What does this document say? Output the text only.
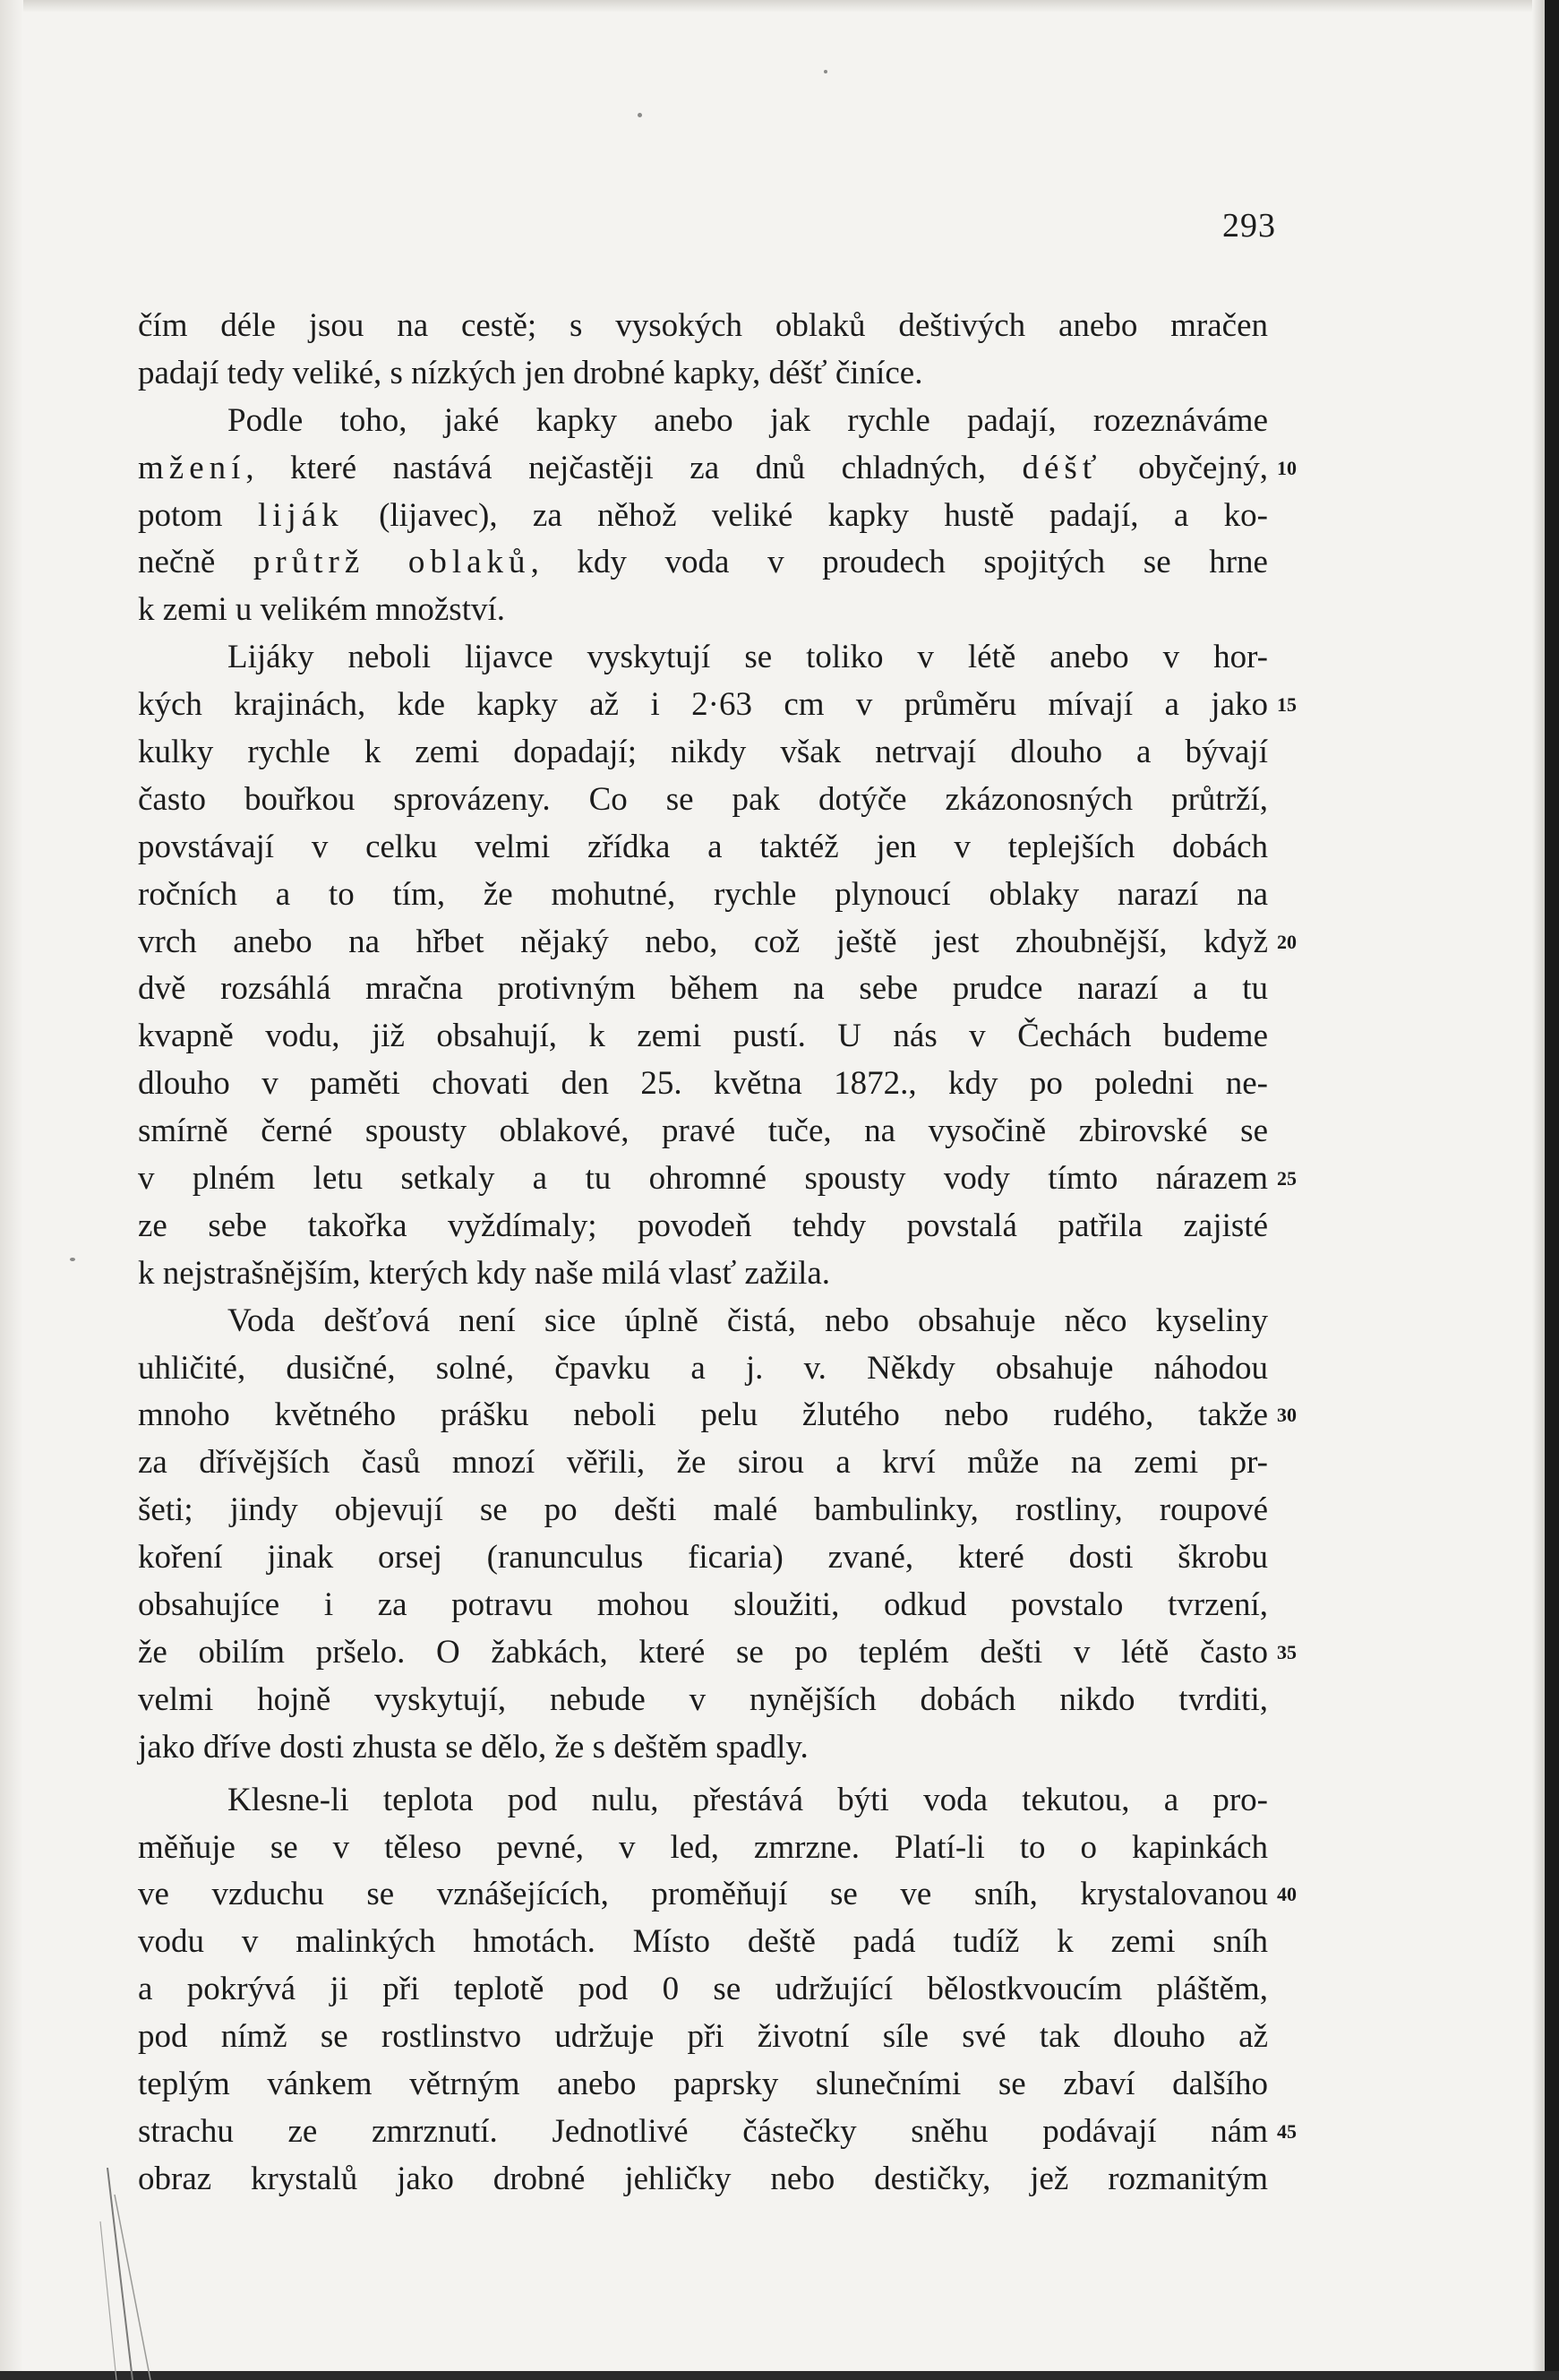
293
čím déle jsou na cestě; s vysokých oblaků deštivých anebo mračen
padají tedy veliké, s nízkých jen drobné kapky, déšť činíce.
Podle toho, jaké kapky anebo jak rychle padají, rozeznáváme
mžení, které nastává nejčastěji za dnů chladných, déšť obyčejný, 10
potom liják (lijavec), za něhož veliké kapky hustě padají, a ko-
nečně průtrž oblaků, kdy voda v proudech spojitých se hrne
k zemi u velikém množství.
Lijáky neboli lijavce vyskytují se toliko v létě anebo v hor-
kých krajinách, kde kapky až i 2·63 cm v průměru mívají a jako 15
kulky rychle k zemi dopadají; nikdy však netrvají dlouho a bývají
často bouřkou sprovázeny. Co se pak dotýče zkázonosných průtrží,
povstávají v celku velmi zřídka a taktéž jen v teplejších dobách
ročních a to tím, že mohutné, rychle plynoucí oblaky narazí na
vrch anebo na hřbet nějaký nebo, což ještě jest zhoubnější, když 20
dvě rozsáhlá mračna protivným během na sebe prudce narazí a tu
kvapně vodu, již obsahují, k zemi pustí. U nás v Čechách budeme
dlouho v paměti chovati den 25. května 1872., kdy po poledni ne-
smírně černé spousty oblakové, pravé tuče, na vysočině zbirovské se
v plném letu setkaly a tu ohromné spousty vody tímto nárazem 25
ze sebe takořka vyždímaly; povodeň tehdy povstalá patřila zajisté
k nejstrašnějším, kterých kdy naše milá vlasť zažila.
Voda dešťová není sice úplně čistá, nebo obsahuje něco kyseliny
uhličité, dusičné, solné, čpavku a j. v. Někdy obsahuje náhodou
mnoho květného prášku neboli pelu žlutého nebo rudého, takže 30
za dřívějších časů mnozí věřili, že sirou a krví může na zemi pr-
šeti; jindy objevují se po dešti malé bambulinky, rostliny, roupové
koření jinak orsej (ranunculus ficaria) zvané, které dosti škrobu
obsahujíce i za potravu mohou sloužiti, odkud povstalo tvrzení,
že obilím pršelo. O žabkách, které se po teplém dešti v létě často 35
velmi hojně vyskytují, nebude v nynějších dobách nikdo tvrditi,
jako dříve dosti zhusta se dělo, že s deštěm spadly.
Klesne-li teplota pod nulu, přestává býti voda tekutou, a pro-
měňuje se v těleso pevné, v led, zmrzne. Platí-li to o kapinkách
ve vzduchu se vznášejících, proměňují se ve sníh, krystalovanou 40
vodu v malinkých hmotách. Místo deště padá tudíž k zemi sníh
a pokrývá ji při teplotě pod 0 se udržující bělostkvoucím pláštěm,
pod nímž se rostlinstvo udržuje při životní síle své tak dlouho až
teplým vánkem větrným anebo paprsky slunečními se zbaví dalšího
strachu ze zmrznutí. Jednotlivé částečky sněhu podávají nám 45
obraz krystalů jako drobné jehličky nebo destičky, jež rozmanitým
